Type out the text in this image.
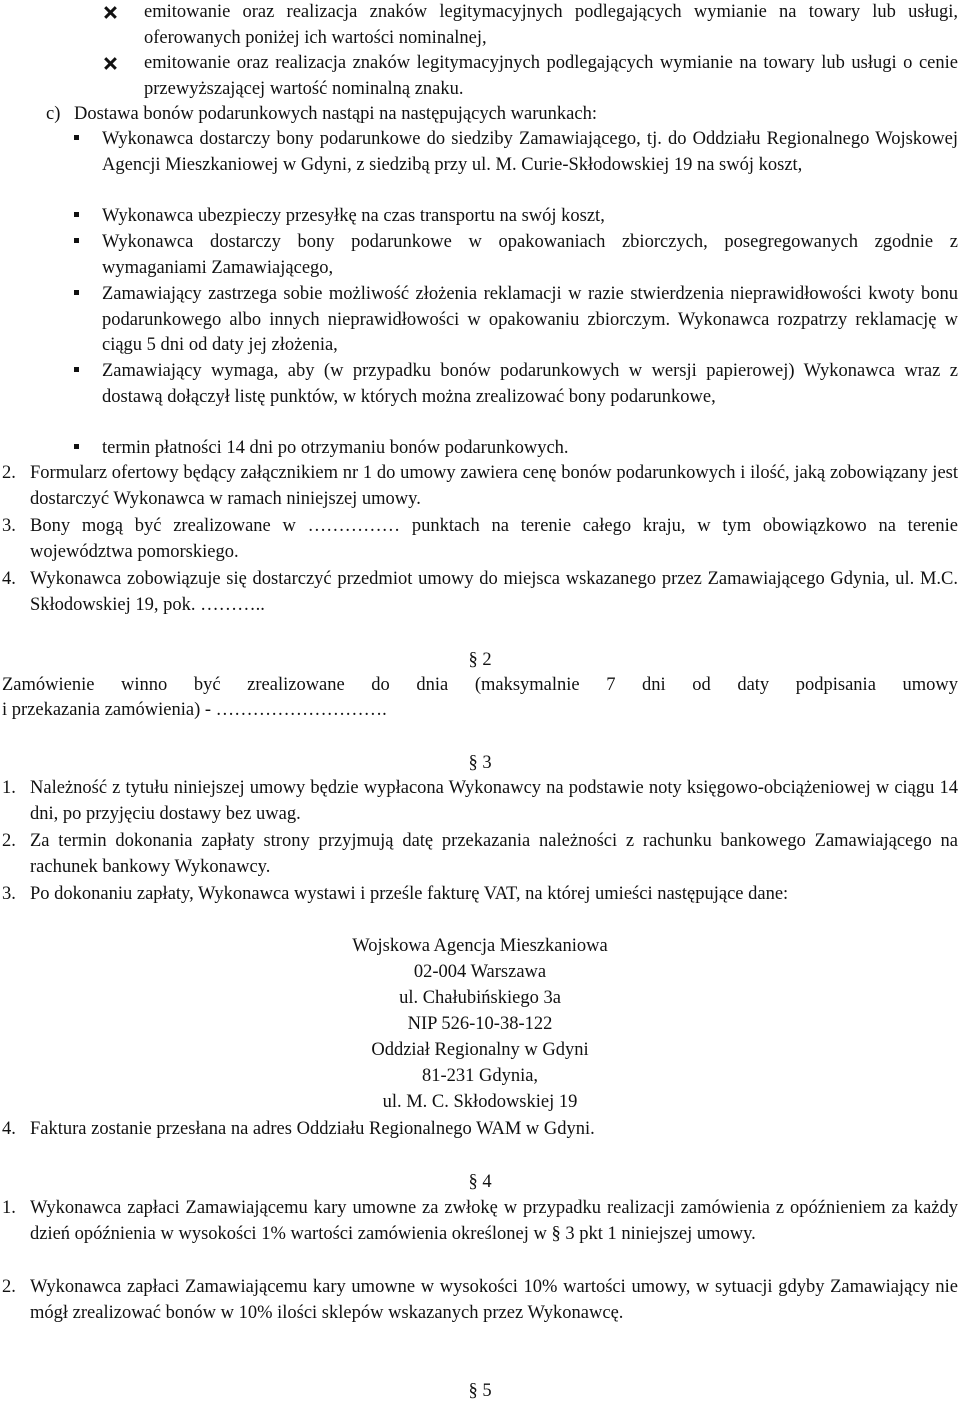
emitowanie oraz realizacja znaków legitymacyjnych podlegających wymianie na towary lub usługi, oferowanych poniżej ich wartości nominalnej,
emitowanie oraz realizacja znaków legitymacyjnych podlegających wymianie na towary lub usługi o cenie przewyższającej wartość nominalną znaku.
c) Dostawa bonów podarunkowych nastąpi na następujących warunkach:
Wykonawca dostarczy bony podarunkowe do siedziby Zamawiającego, tj. do Oddziału Regionalnego Wojskowej Agencji Mieszkaniowej w Gdyni, z siedzibą przy ul. M. Curie-Skłodowskiej 19 na swój koszt,
Wykonawca ubezpieczy przesyłkę na czas transportu na swój koszt,
Wykonawca dostarczy bony podarunkowe w opakowaniach zbiorczych, posegregowanych zgodnie z wymaganiami Zamawiającego,
Zamawiający zastrzega sobie możliwość złożenia reklamacji w razie stwierdzenia nieprawidłowości kwoty bonu podarunkowego albo innych nieprawidłowości w opakowaniu zbiorczym. Wykonawca rozpatrzy reklamację w ciągu 5 dni od daty jej złożenia,
Zamawiający wymaga, aby (w przypadku bonów podarunkowych w wersji papierowej) Wykonawca wraz z dostawą dołączył listę punktów, w których można zrealizować bony podarunkowe,
termin płatności 14 dni po otrzymaniu bonów podarunkowych.
2. Formularz ofertowy będący załącznikiem nr 1 do umowy zawiera cenę bonów podarunkowych i ilość, jaką zobowiązany jest dostarczyć Wykonawca w ramach niniejszej umowy.
3. Bony mogą być zrealizowane w …………… punktach na terenie całego kraju, w tym obowiązkowo na terenie województwa pomorskiego.
4. Wykonawca zobowiązuje się dostarczyć przedmiot umowy do miejsca wskazanego przez Zamawiającego Gdynia, ul. M.C. Skłodowskiej 19, pok. ………..
§ 2
Zamówienie winno być zrealizowane do dnia (maksymalnie 7 dni od daty podpisania umowy
i przekazania zamówienia) - ……………………….
§ 3
1. Należność z tytułu niniejszej umowy będzie wypłacona Wykonawcy na podstawie noty księgowo-obciążeniowej w ciągu 14 dni, po przyjęciu dostawy bez uwag.
2. Za termin dokonania zapłaty strony przyjmują datę przekazania należności z rachunku bankowego Zamawiającego na rachunek bankowy Wykonawcy.
3. Po dokonaniu zapłaty, Wykonawca wystawi i prześle fakturę VAT, na której umieści następujące dane:
Wojskowa Agencja Mieszkaniowa
02-004 Warszawa
ul. Chałubińskiego 3a
NIP 526-10-38-122
Oddział Regionalny w Gdyni
81-231 Gdynia,
ul. M. C. Skłodowskiej 19
4. Faktura zostanie przesłana na adres Oddziału Regionalnego WAM w Gdyni.
§ 4
1. Wykonawca zapłaci Zamawiającemu kary umowne za zwłokę w przypadku realizacji zamówienia z opóźnieniem za każdy dzień opóźnienia w wysokości 1% wartości zamówienia określonej w § 3 pkt 1 niniejszej umowy.
2. Wykonawca zapłaci Zamawiającemu kary umowne w wysokości 10% wartości umowy, w sytuacji gdyby Zamawiający nie mógł zrealizować bonów w 10% ilości sklepów wskazanych przez Wykonawcę.
§ 5
